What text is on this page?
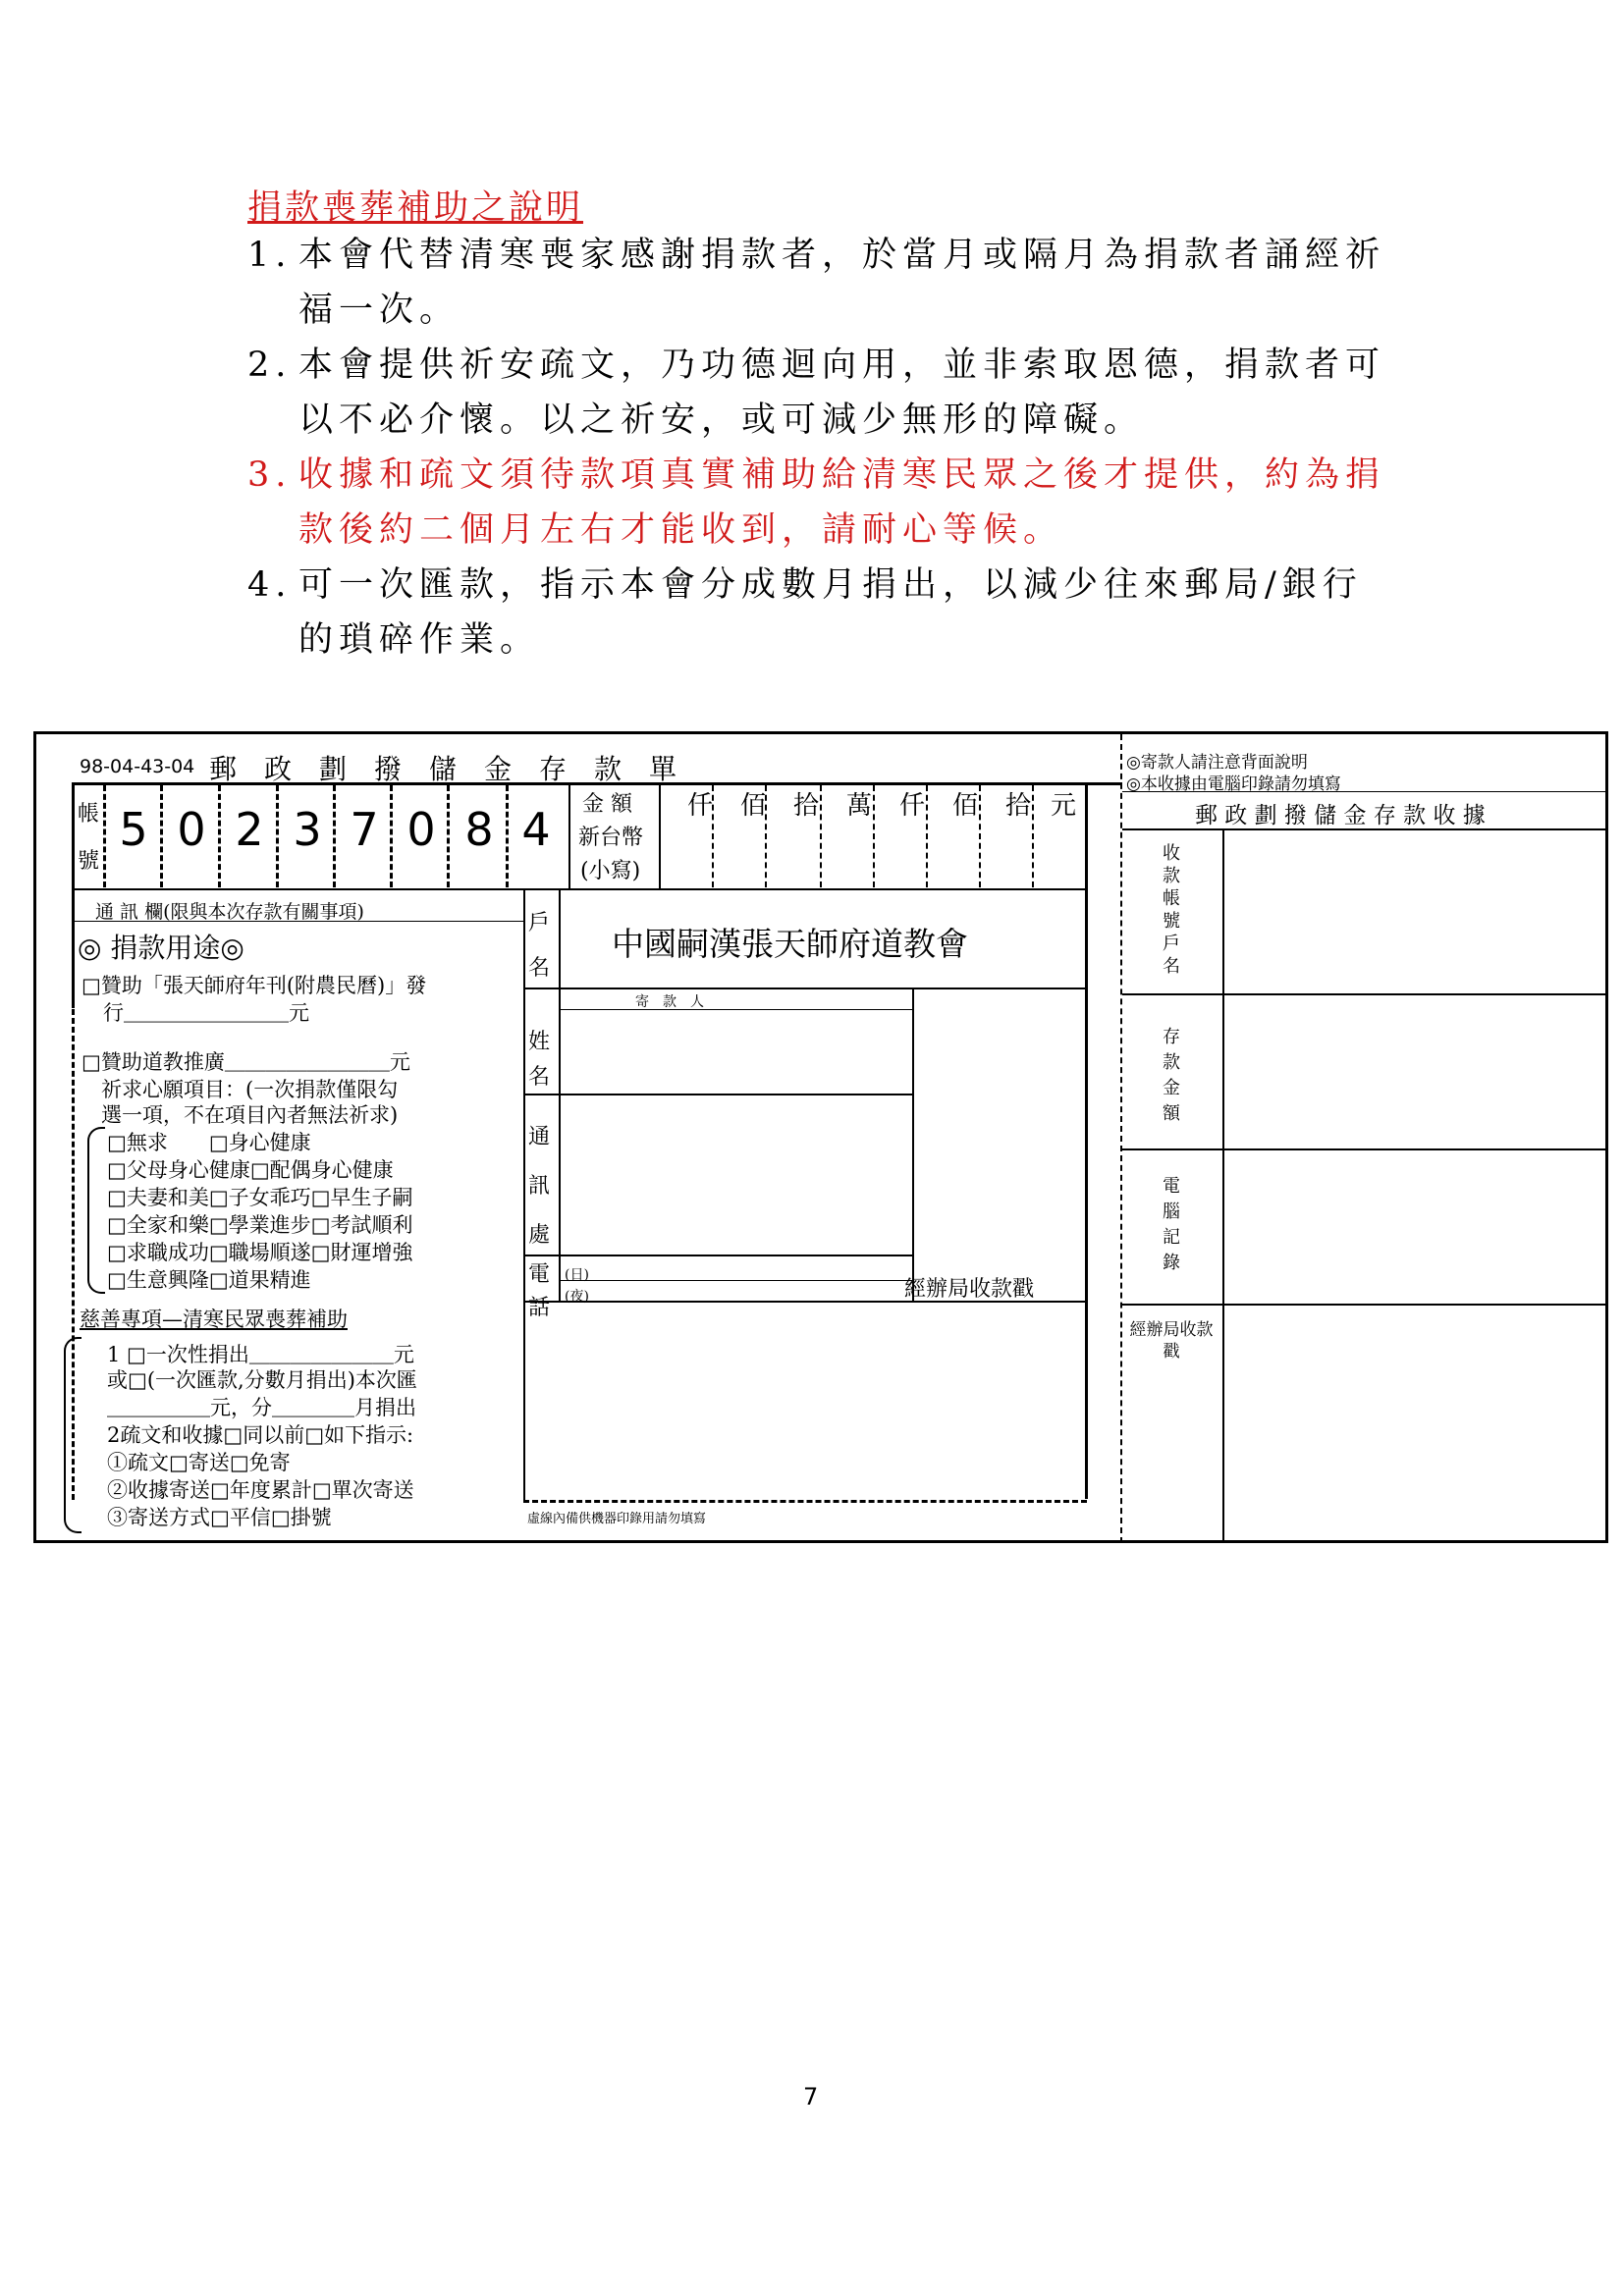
捐款喪葬補助之說明
1. 本會代替清寒喪家感謝捐款者，於當月或隔月為捐款者誦經祈福一次。
2. 本會提供祈安疏文，乃功德迴向用，並非索取恩德，捐款者可以不必介懷。以之祈安，或可減少無形的障礙。
3. 收據和疏文須待款項真實補助給清寒民眾之後才提供，約為捐款後約二個月左右才能收到，請耐心等候。
4. 可一次匯款，指示本會分成數月捐出，以減少往來郵局/銀行的瑣碎作業。
98-04-43-04 郵　政　劃　撥　儲　金　存　款　單
帳號
5 0 2 3 7 0 8 4	金 額
新台幣
(小寫)
仟	佰	拾	萬	仟	佰	拾 元
通 訊 欄(限與本次存款有關事項)
◎ 捐款用途◎
□贊助「張天師府年刊(附農民曆)」發
行＿＿＿＿＿＿＿＿元
□贊助道教推廣＿＿＿＿＿＿＿＿元
祈求心願項目：(一次捐款僅限勾
選一項，不在項目內者無法祈求)
□無求　　□身心健康
□父母身心健康□配偶身心健康
□夫妻和美□子女乖巧□早生子嗣
□全家和樂□學業進步□考試順利
□求職成功□職場順遂□財運增強
□生意興隆□道果精進
慈善專項—清寒民眾喪葬補助
1 □一次性捐出＿＿＿＿＿＿＿元
或□(一次匯款,分數月捐出)本次匯
＿＿＿＿＿元，分＿＿＿＿月捐出
2疏文和收據□同以前□如下指示:
①疏文□寄送□免寄
②收據寄送□年度累計□單次寄送
③寄送方式□平信□掛號
戶名
中國嗣漢張天師府道教會
寄　款　人
姓名
通訊處
電話
(日)
(夜)	經辦局收款戳
虛線內備供機器印錄用請勿填寫
◎寄款人請注意背面說明
◎本收據由電腦印錄請勿填寫
郵 政 劃 撥 儲 金 存 款 收 據
收款帳號戶名
存款金額
電腦記錄
經辦局收款戳
7
